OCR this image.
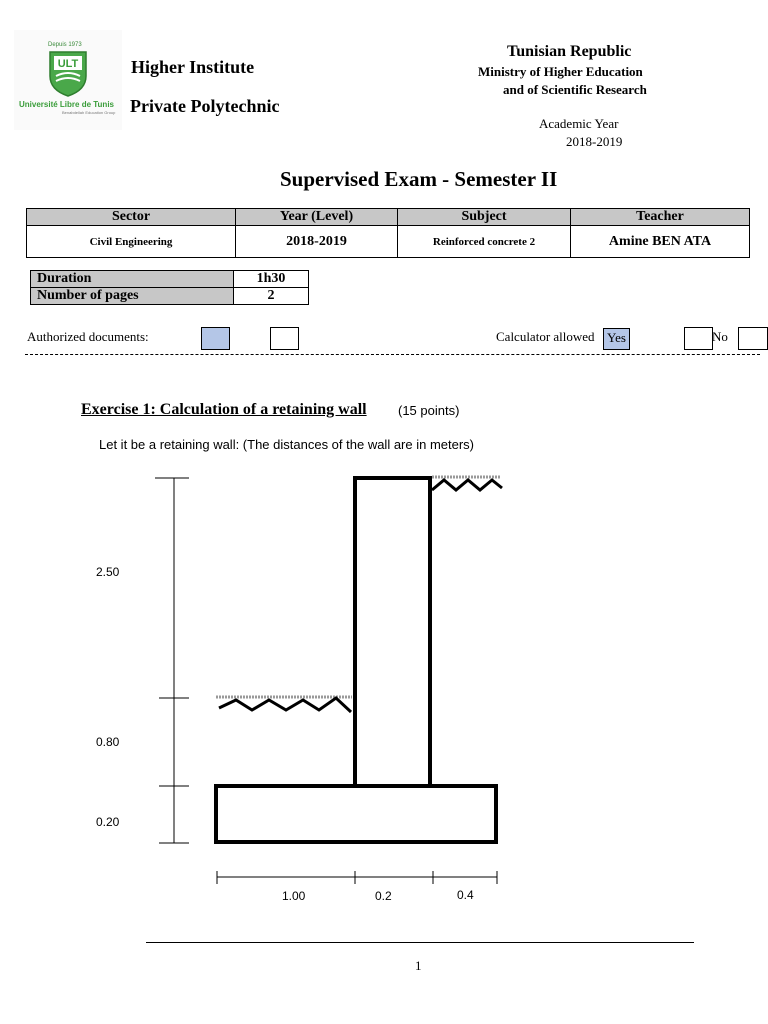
Depuis 1973
ULT
Université Libre de Tunis
Benabdellah Education Group
Higher Institute
Private Polytechnic
Tunisian Republic
Ministry of Higher Education
and of Scientific Research
Academic Year
2018-2019
Supervised Exam - Semester II
Sector	Year (Level)	Subject	Teacher
Civil Engineering	2018-2019	Reinforced concrete 2	Amine BEN ATA
Duration	1h30
Number of pages	2
Authorized documents:	Calculator allowed Yes	No
Exercise 1: Calculation of a retaining wall (15 points)
Let it be a retaining wall: (The distances of the wall are in meters)
2.50
0.80
0.20
1.00	0.2	0.4
1
